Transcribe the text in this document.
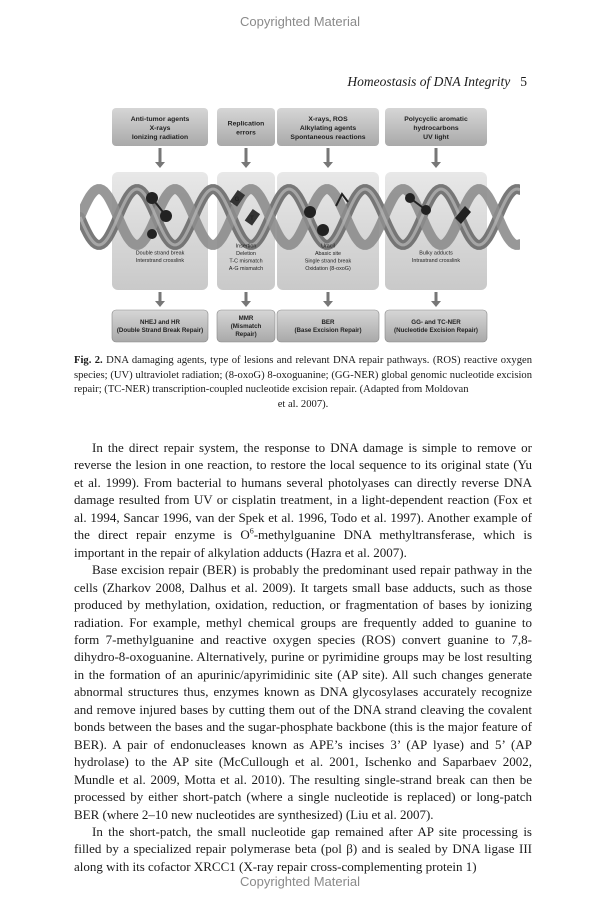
Copyrighted Material
Homeostasis of DNA Integrity 5
G
T
U
oxo
Anti-tumor agents
X-rays
Ionizing radiation
Double strand break
Interstrand crosslink
NHEJ and HR
(Double Strand Break Repair)
Replication
errors
Insertion
Deletion
T-C mismatch
A-G mismatch
MMR
(Mismatch
Repair)
X-rays, ROS
Alkylating agents
Spontaneous reactions
Uracil
Abasic site
Single strand break
Oxidation (8-oxoG)
BER
(Base Excision Repair)
Polycyclic aromatic
hydrocarbons
UV light
Bulky adducts
Intrastrand crosslink
GG- and TC-NER
(Nucleotide Excision Repair)
Fig. 2. DNA damaging agents, type of lesions and relevant DNA repair pathways. (ROS) reactive oxygen species; (UV) ultraviolet radiation; (8-oxoG) 8-oxoguanine; (GG-NER) global genomic nucleotide excision repair; (TC-NER) transcription-coupled nucleotide excision repair. (Adapted from Moldovan
et al. 2007).

In the direct repair system, the response to DNA damage is simple to remove or reverse the lesion in one reaction, to restore the local sequence to its original state (Yu et al. 1999). From bacterial to humans several photolyases can directly reverse DNA damage resulted from UV or cisplatin treatment, in a light-dependent reaction (Fox et al. 1994, Sancar 1996, van der Spek et al. 1996, Todo et al. 1997). Another example of the direct repair enzyme is $O^6$-methylguanine DNA methyltransferase, which is important in the repair of alkylation adducts (Hazra et al. 2007).

Base excision repair (BER) is probably the predominant used repair pathway in the cells (Zharkov 2008, Dalhus et al. 2009). It targets small base adducts, such as those produced by methylation, oxidation, reduction, or fragmentation of bases by ionizing radiation. For example, methyl chemical groups are frequently added to guanine to form 7-methylguanine and reactive oxygen species (ROS) convert guanine to 7,8-dihydro-8-oxoguanine. Alternatively, purine or pyrimidine groups may be lost resulting in the formation of an apurinic/apyrimidinic site (AP site). All such changes generate abnormal structures thus, enzymes known as DNA glycosylases accurately recognize and remove injured bases by cutting them out of the DNA strand cleaving the covalent bonds between the bases and the sugar-phosphate backbone (this is the major feature of BER). A pair of endonucleases known as APE’s incises 3’ (AP lyase) and 5’ (AP hydrolase) to the AP site (McCullough et al. 2001, Ischenko and Saparbaev 2002, Mundle et al. 2009, Motta et al. 2010). The resulting single-strand break can then be processed by either short-patch (where a single nucleotide is replaced) or long-patch BER (where 2–10 new nucleotides are synthesized) (Liu et al. 2007).

In the short-patch, the small nucleotide gap remained after AP site processing is filled by a specialized repair polymerase beta (pol β) and is sealed by DNA ligase III along with its cofactor XRCC1 (X-ray repair cross-complementing protein 1)

Copyrighted Material
